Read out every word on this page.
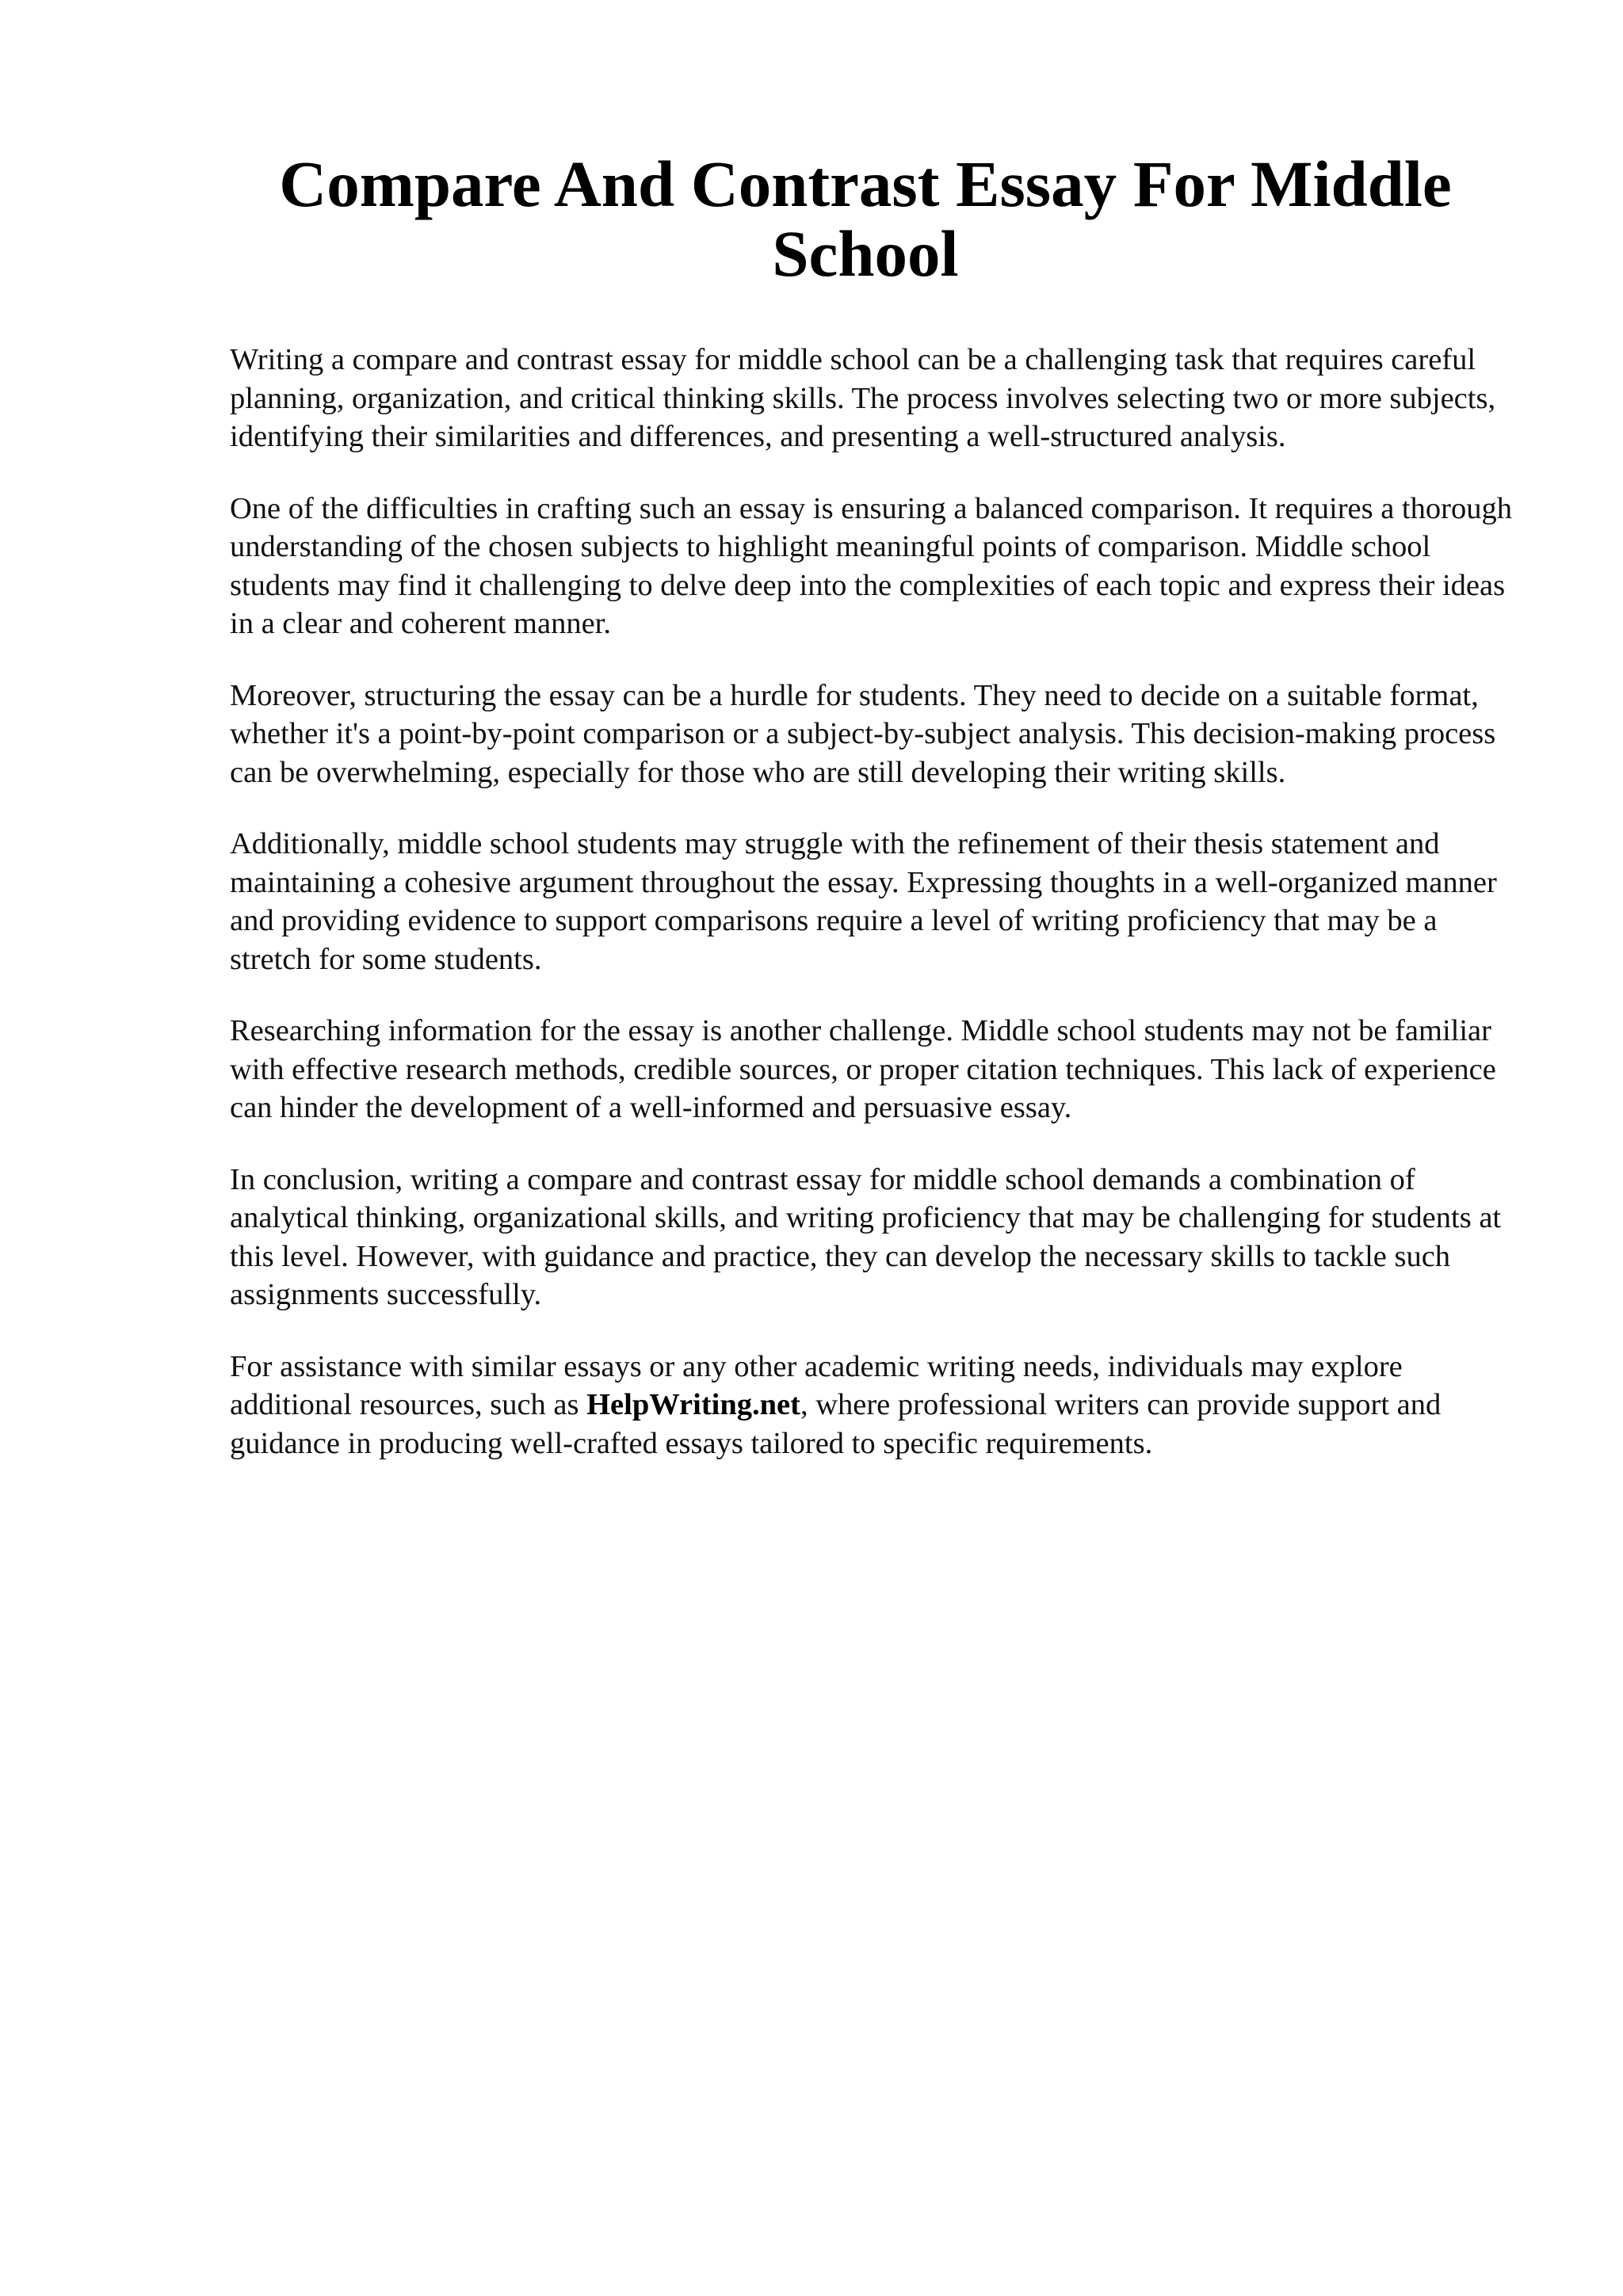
Compare And Contrast Essay For Middle School

Writing a compare and contrast essay for middle school can be a challenging task that requires careful planning, organization, and critical thinking skills. The process involves selecting two or more subjects, identifying their similarities and differences, and presenting a well-structured analysis.

One of the difficulties in crafting such an essay is ensuring a balanced comparison. It requires a thorough understanding of the chosen subjects to highlight meaningful points of comparison. Middle school students may find it challenging to delve deep into the complexities of each topic and express their ideas in a clear and coherent manner.

Moreover, structuring the essay can be a hurdle for students. They need to decide on a suitable format, whether it's a point-by-point comparison or a subject-by-subject analysis. This decision-making process can be overwhelming, especially for those who are still developing their writing skills.

Additionally, middle school students may struggle with the refinement of their thesis statement and maintaining a cohesive argument throughout the essay. Expressing thoughts in a well-organized manner and providing evidence to support comparisons require a level of writing proficiency that may be a stretch for some students.

Researching information for the essay is another challenge. Middle school students may not be familiar with effective research methods, credible sources, or proper citation techniques. This lack of experience can hinder the development of a well-informed and persuasive essay.

In conclusion, writing a compare and contrast essay for middle school demands a combination of analytical thinking, organizational skills, and writing proficiency that may be challenging for students at this level. However, with guidance and practice, they can develop the necessary skills to tackle such assignments successfully.

For assistance with similar essays or any other academic writing needs, individuals may explore additional resources, such as HelpWriting.net, where professional writers can provide support and guidance in producing well-crafted essays tailored to specific requirements.
